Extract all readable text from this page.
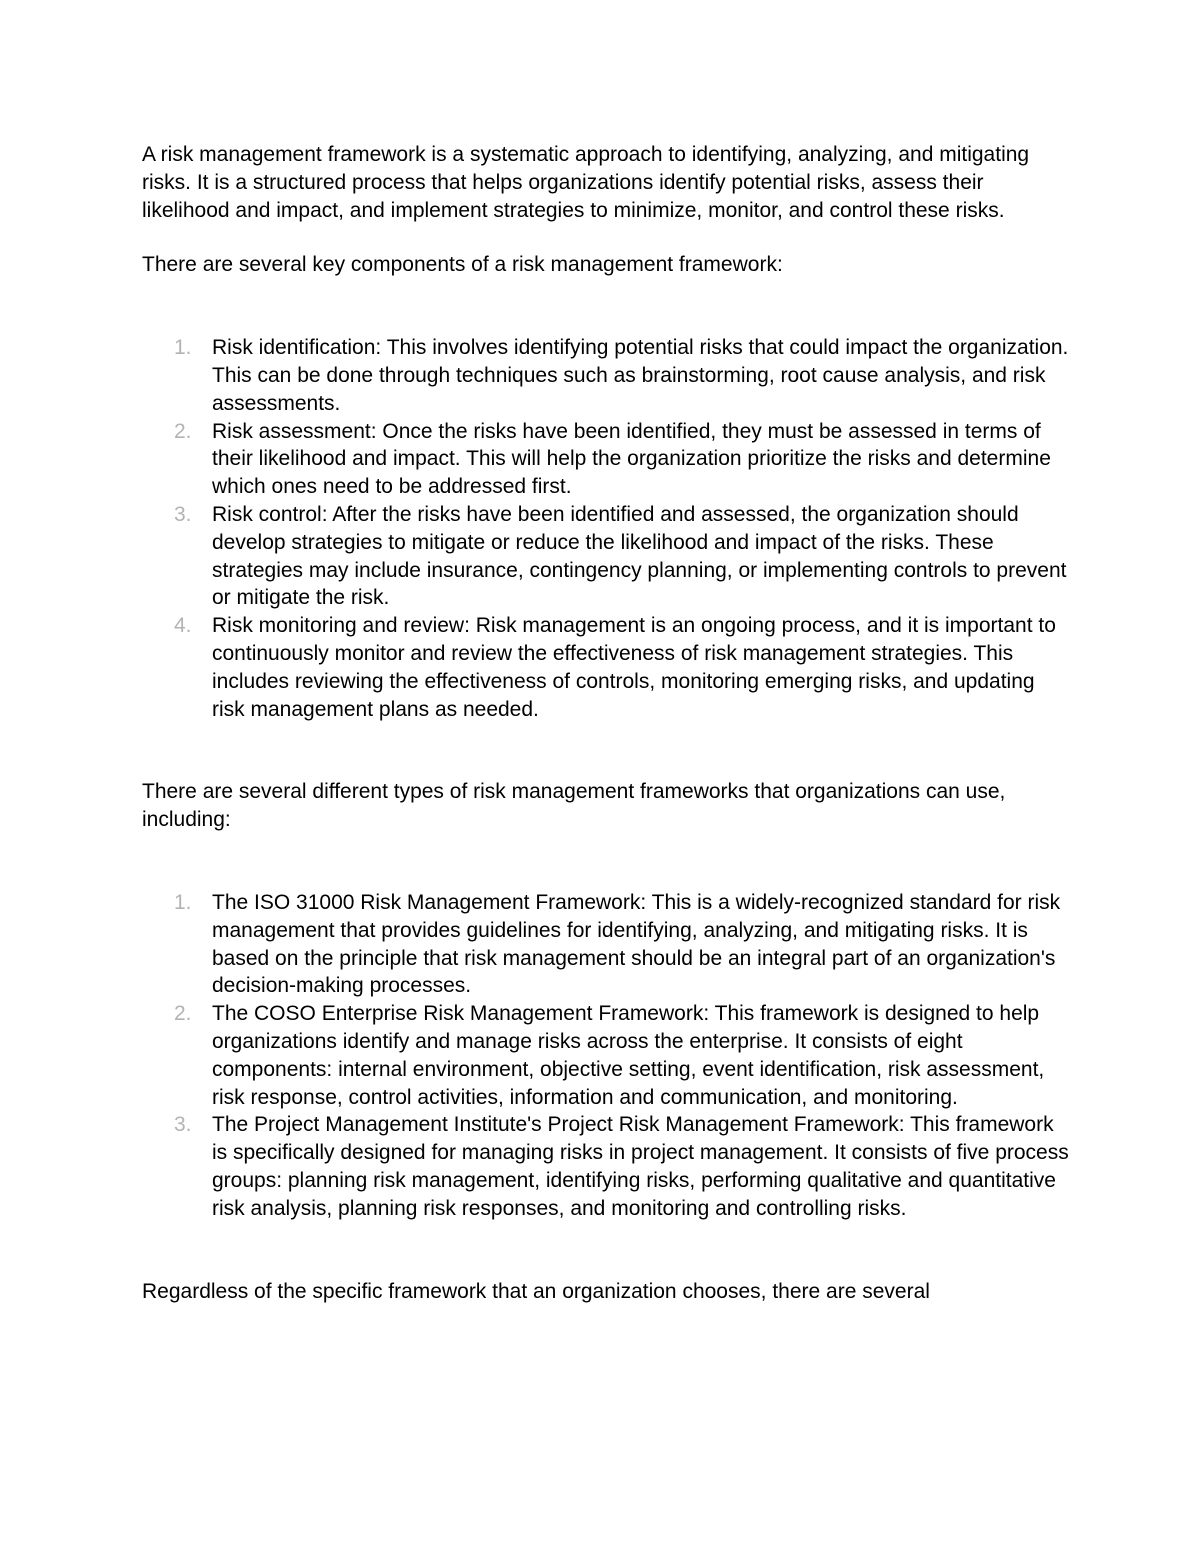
A risk management framework is a systematic approach to identifying, analyzing, and mitigating risks. It is a structured process that helps organizations identify potential risks, assess their likelihood and impact, and implement strategies to minimize, monitor, and control these risks.

There are several key components of a risk management framework:

1. Risk identification: This involves identifying potential risks that could impact the organization. This can be done through techniques such as brainstorming, root cause analysis, and risk assessments.
2. Risk assessment: Once the risks have been identified, they must be assessed in terms of their likelihood and impact. This will help the organization prioritize the risks and determine which ones need to be addressed first.
3. Risk control: After the risks have been identified and assessed, the organization should develop strategies to mitigate or reduce the likelihood and impact of the risks. These strategies may include insurance, contingency planning, or implementing controls to prevent or mitigate the risk.
4. Risk monitoring and review: Risk management is an ongoing process, and it is important to continuously monitor and review the effectiveness of risk management strategies. This includes reviewing the effectiveness of controls, monitoring emerging risks, and updating risk management plans as needed.

There are several different types of risk management frameworks that organizations can use, including:

1. The ISO 31000 Risk Management Framework: This is a widely-recognized standard for risk management that provides guidelines for identifying, analyzing, and mitigating risks. It is based on the principle that risk management should be an integral part of an organization's decision-making processes.
2. The COSO Enterprise Risk Management Framework: This framework is designed to help organizations identify and manage risks across the enterprise. It consists of eight components: internal environment, objective setting, event identification, risk assessment, risk response, control activities, information and communication, and monitoring.
3. The Project Management Institute's Project Risk Management Framework: This framework is specifically designed for managing risks in project management. It consists of five process groups: planning risk management, identifying risks, performing qualitative and quantitative risk analysis, planning risk responses, and monitoring and controlling risks.

Regardless of the specific framework that an organization chooses, there are several
